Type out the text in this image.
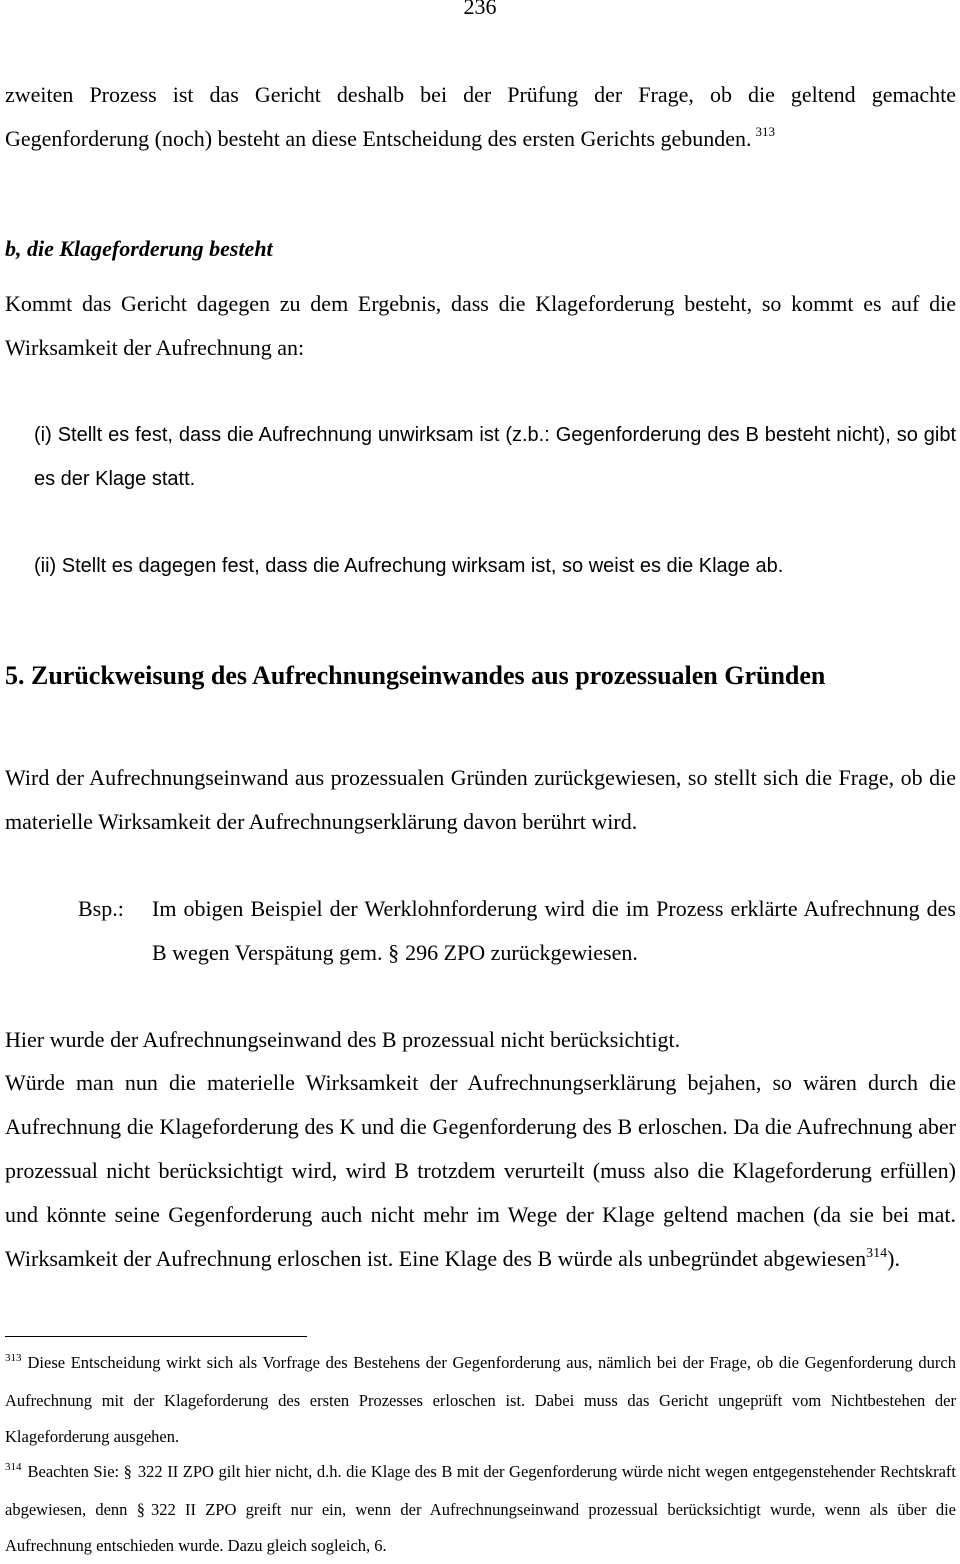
236

zweiten Prozess ist das Gericht deshalb bei der Prüfung der Frage, ob die geltend gemachte Gegenforderung (noch) besteht an diese Entscheidung des ersten Gerichts gebunden. $^{313}$

b, die Klageforderung besteht

Kommt das Gericht dagegen zu dem Ergebnis, dass die Klageforderung besteht, so kommt es auf die Wirksamkeit der Aufrechnung an:

(i) Stellt es fest, dass die Aufrechnung unwirksam ist (z.b.: Gegenforderung des B besteht nicht), so gibt es der Klage statt.

(ii) Stellt es dagegen fest, dass die Aufrechung wirksam ist, so weist es die Klage ab.

5. Zurückweisung des Aufrechnungseinwandes aus prozessualen Gründen

Wird der Aufrechnungseinwand aus prozessualen Gründen zurückgewiesen, so stellt sich die Frage, ob die materielle Wirksamkeit der Aufrechnungserklärung davon berührt wird.

Bsp.: Im obigen Beispiel der Werklohnforderung wird die im Prozess erklärte Aufrechnung des B wegen Verspätung gem. § 296 ZPO zurückgewiesen.

Hier wurde der Aufrechnungseinwand des B prozessual nicht berücksichtigt.

Würde man nun die materielle Wirksamkeit der Aufrechnungserklärung bejahen, so wären durch die Aufrechnung die Klageforderung des K und die Gegenforderung des B erloschen. Da die Aufrechnung aber prozessual nicht berücksichtigt wird, wird B trotzdem verurteilt (muss also die Klageforderung erfüllen) und könnte seine Gegenforderung auch nicht mehr im Wege der Klage geltend machen (da sie bei mat. Wirksamkeit der Aufrechnung erloschen ist. Eine Klage des B würde als unbegründet abgewiesen$^{314}$).

$^{313}$ Diese Entscheidung wirkt sich als Vorfrage des Bestehens der Gegenforderung aus, nämlich bei der Frage, ob die Gegenforderung durch Aufrechnung mit der Klageforderung des ersten Prozesses erloschen ist. Dabei muss das Gericht ungeprüft vom Nichtbestehen der Klageforderung ausgehen.

$^{314}$ Beachten Sie: § 322 II ZPO gilt hier nicht, d.h. die Klage des B mit der Gegenforderung würde nicht wegen entgegenstehender Rechtskraft abgewiesen, denn § 322 II ZPO greift nur ein, wenn der Aufrechnungseinwand prozessual berücksichtigt wurde, wenn als über die Aufrechnung entschieden wurde. Dazu gleich sogleich, 6.
